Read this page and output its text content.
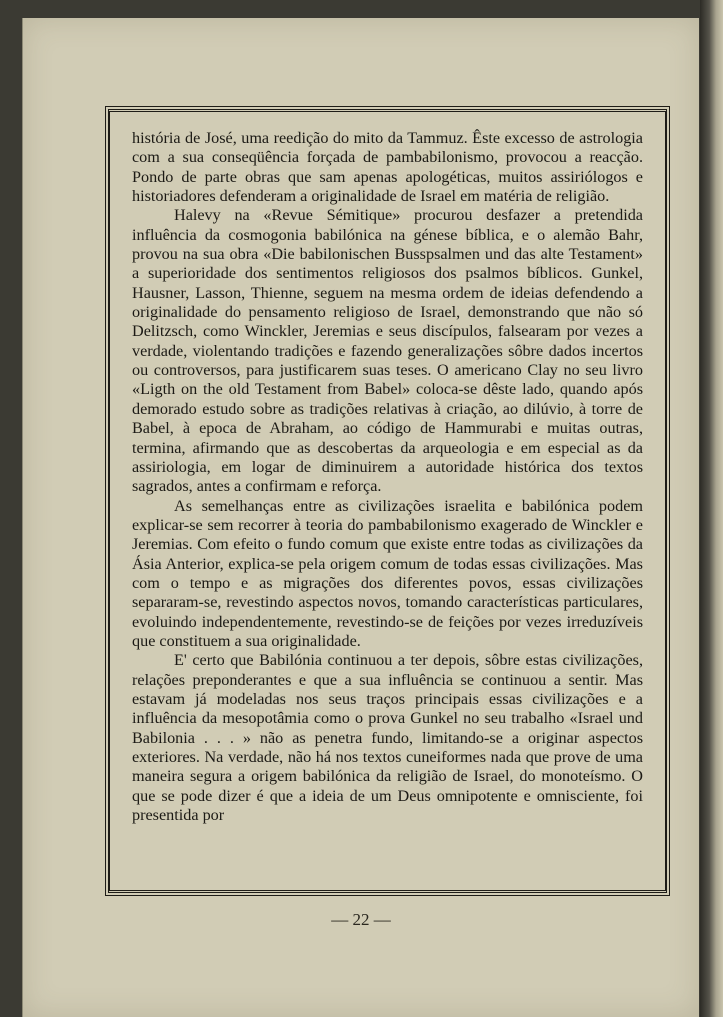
história de José, uma reedição do mito da Tammuz. Êste excesso de astrologia com a sua conseqüência forçada de pambabilonismo, provocou a reacção. Pondo de parte obras que sam apenas apologéticas, muitos assiriólogos e historiadores defenderam a originalidade de Israel em matéria de religião.

Halevy na «Revue Sémitique» procurou desfazer a pretendida influência da cosmogonia babilónica na génese bíblica, e o alemão Bahr, provou na sua obra «Die babilonischen Busspsalmen und das alte Testament» a superioridade dos sentimentos religiosos dos psalmos bíblicos. Gunkel, Hausner, Lasson, Thienne, seguem na mesma ordem de ideias defendendo a originalidade do pensamento religioso de Israel, demonstrando que não só Delitzsch, como Winckler, Jeremias e seus discípulos, falsearam por vezes a verdade, violentando tradições e fazendo generalizações sôbre dados incertos ou controversos, para justificarem suas teses. O americano Clay no seu livro «Ligth on the old Testament from Babel» coloca-se dêste lado, quando após demorado estudo sobre as tradições relativas à criação, ao dilúvio, à torre de Babel, à epoca de Abraham, ao código de Hammurabi e muitas outras, termina, afirmando que as descobertas da arqueologia e em especial as da assiriologia, em logar de diminuirem a autoridade histórica dos textos sagrados, antes a confirmam e reforça.

As semelhanças entre as civilizações israelita e babilónica podem explicar-se sem recorrer à teoria do pambabilonismo exagerado de Winckler e Jeremias. Com efeito o fundo comum que existe entre todas as civilizações da Ásia Anterior, explica-se pela origem comum de todas essas civilizações. Mas com o tempo e as migrações dos diferentes povos, essas civilizações separaram-se, revestindo aspectos novos, tomando características particulares, evoluindo independentemente, revestindo-se de feições por vezes irreduzíveis que constituem a sua originalidade.

E' certo que Babilónia continuou a ter depois, sôbre estas civilizações, relações preponderantes e que a sua influência se continuou a sentir. Mas estavam já modeladas nos seus traços principais essas civilizações e a influência da mesopotâmia como o prova Gunkel no seu trabalho «Israel und Babilonia . . . » não as penetra fundo, limitando-se a originar aspectos exteriores. Na verdade, não há nos textos cuneiformes nada que prove de uma maneira segura a origem babilónica da religião de Israel, do monoteísmo. O que se pode dizer é que a ideia de um Deus omnipotente e omnisciente, foi presentida por

— 22 —
